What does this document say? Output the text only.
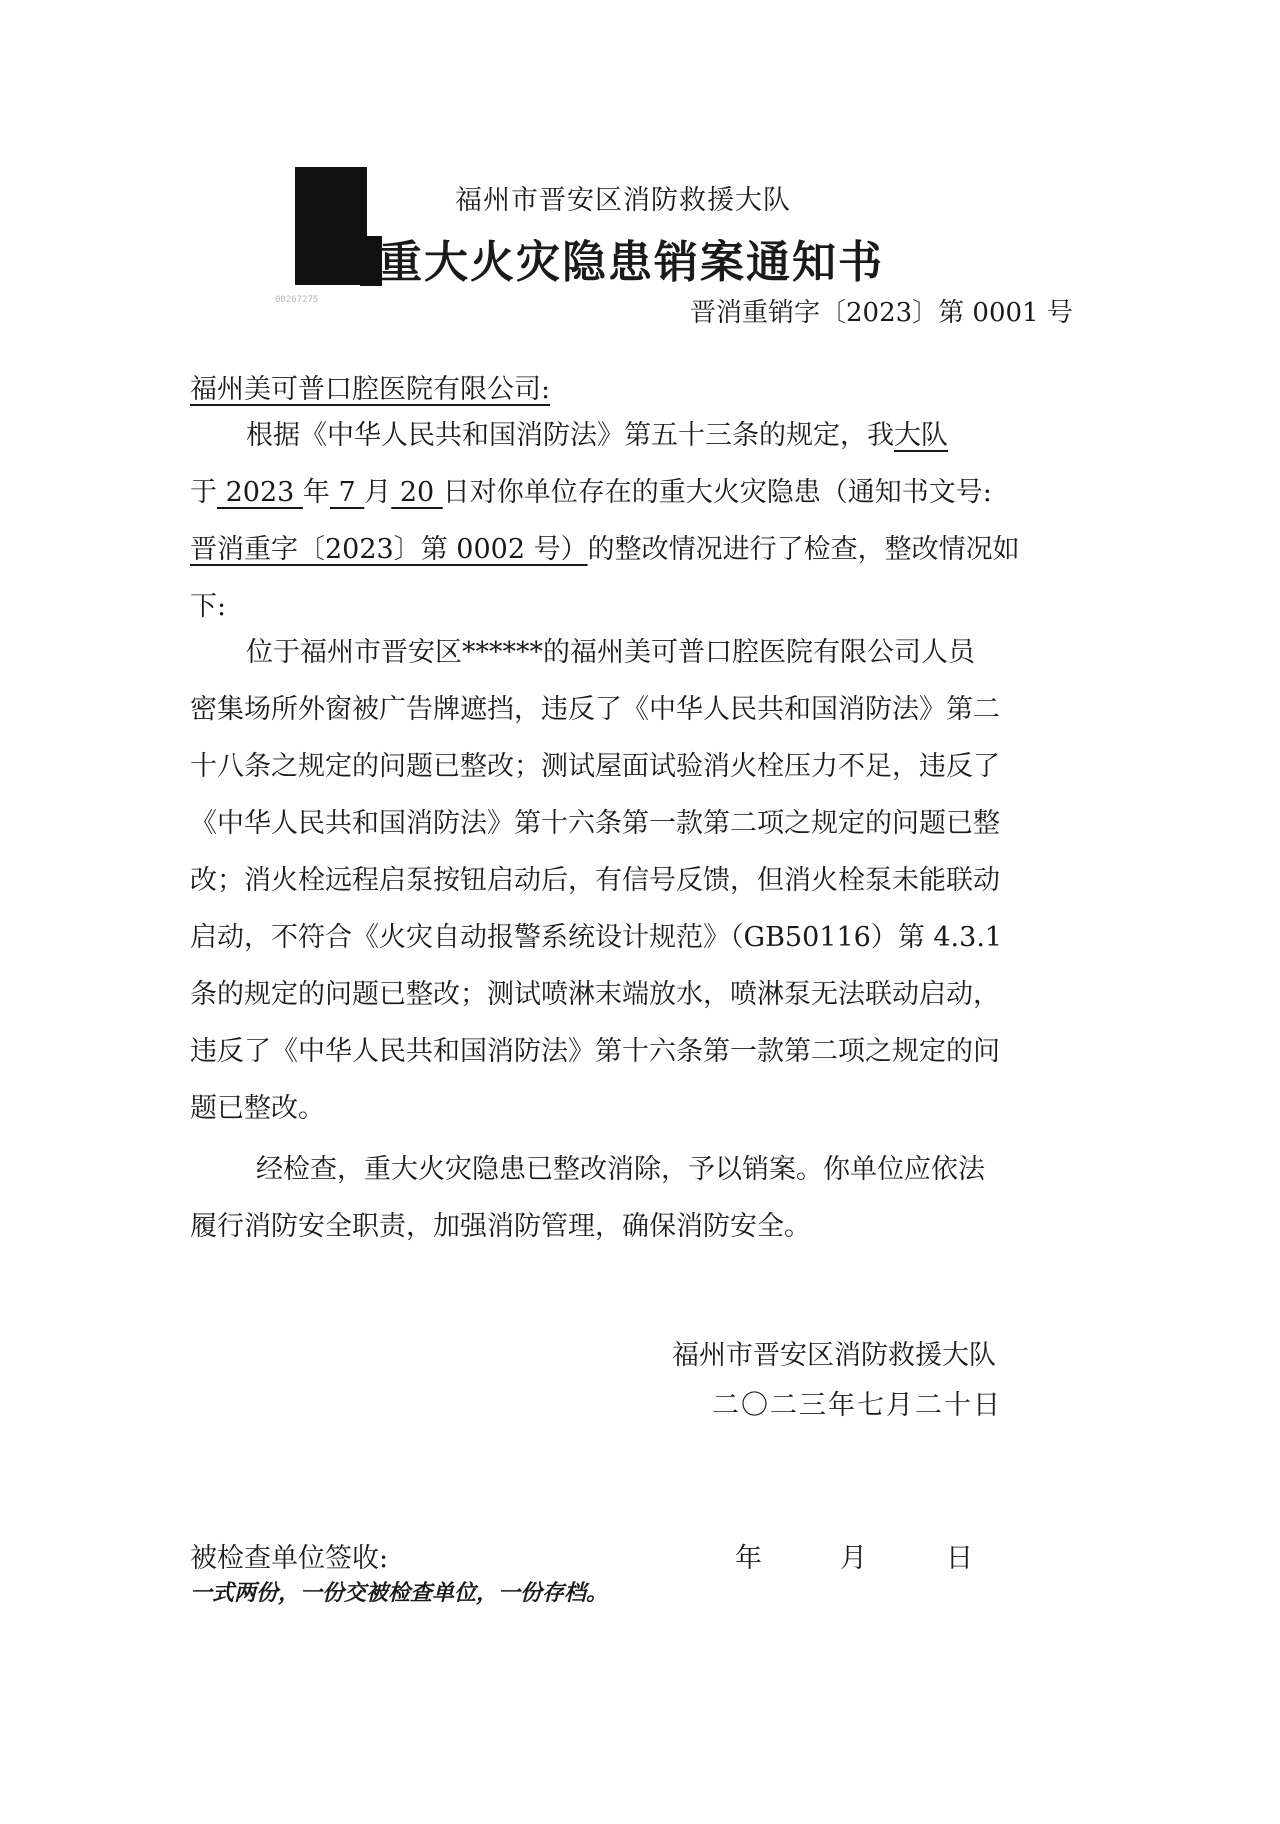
00267275
福州市晋安区消防救援大队
重大火灾隐患销案通知书
晋消重销字〔2023〕第 0001 号
福州美可普口腔医院有限公司:
根据《中华人民共和国消防法》第五十三条的规定，我大队
于 2023 年 7 月 20 日对你单位存在的重大火灾隐患（通知书文号:
晋消重字〔2023〕第 0002 号）的整改情况进行了检查，整改情况如
下:
位于福州市晋安区******的福州美可普口腔医院有限公司人员
密集场所外窗被广告牌遮挡，违反了《中华人民共和国消防法》第二
十八条之规定的问题已整改；测试屋面试验消火栓压力不足，违反了
《中华人民共和国消防法》第十六条第一款第二项之规定的问题已整
改；消火栓远程启泵按钮启动后，有信号反馈，但消火栓泵未能联动
启动，不符合《火灾自动报警系统设计规范》（GB50116）第 4.3.1
条的规定的问题已整改；测试喷淋末端放水，喷淋泵无法联动启动，
违反了《中华人民共和国消防法》第十六条第一款第二项之规定的问
题已整改。
经检查，重大火灾隐患已整改消除，予以销案。你单位应依法
履行消防安全职责，加强消防管理，确保消防安全。
福州市晋安区消防救援大队
二〇二三年七月二十日
被检查单位签收:	年	月	日
一式两份，一份交被检查单位，一份存档。
